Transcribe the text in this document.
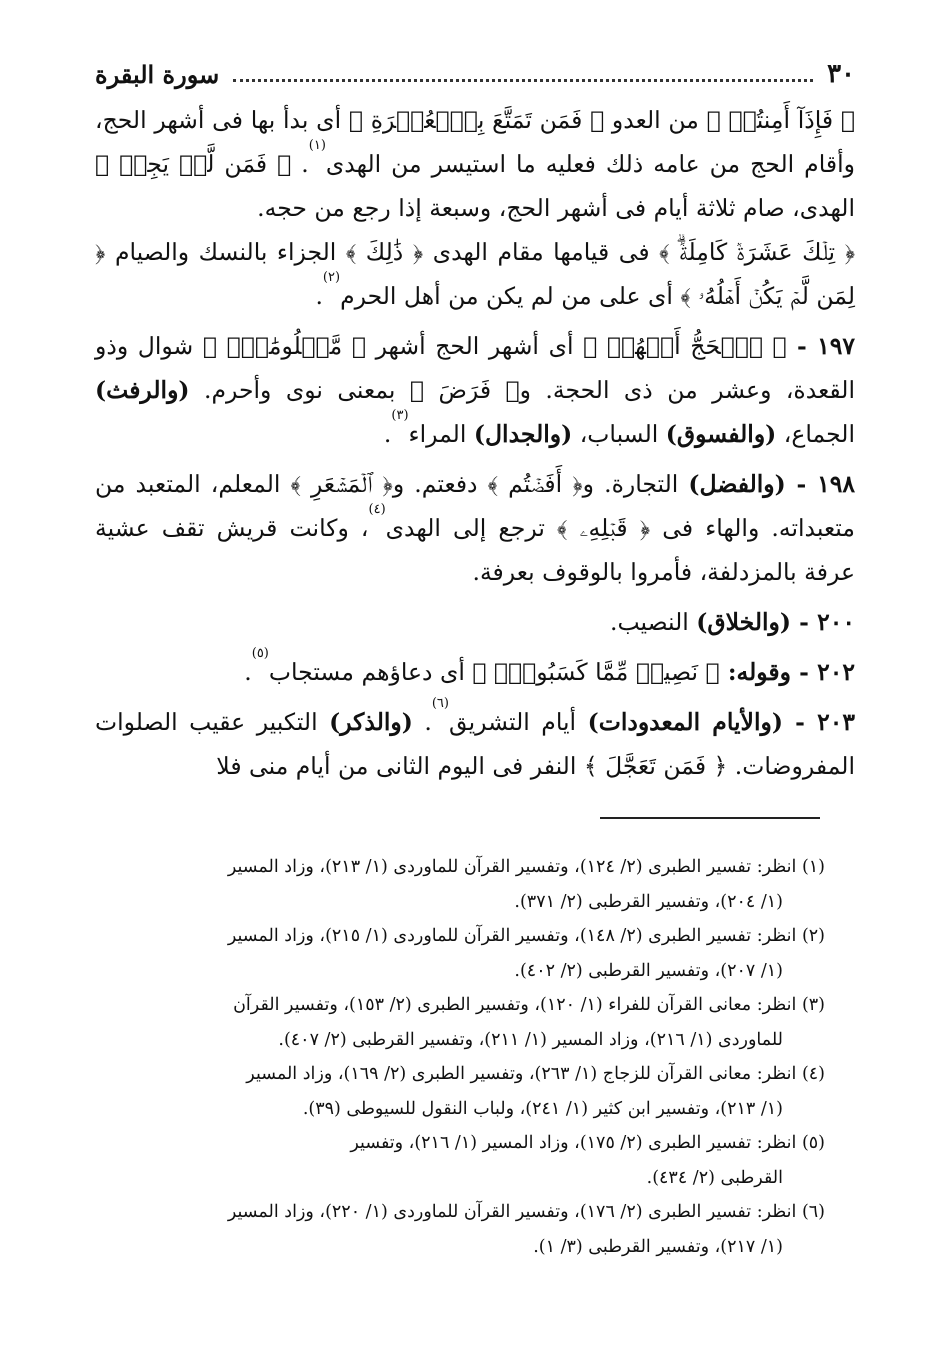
٣٠
سورة البقرة

﴿ فَإِذَآ أَمِنتُمۡ ﴾ من العدو ﴿ فَمَن تَمَتَّعَ بِٱلۡعُمۡرَةِ ﴾ أى بدأ بها فى أشهر الحج، وأقام الحج من عامه ذلك فعليه ما استيسر من الهدى$^{(١)}$. ﴿ فَمَن لَّمۡ يَجِدۡ ﴾ الهدى، صام ثلاثة أيام فى أشهر الحج، وسبعة إذا رجع من حجه.

﴿ تِلۡكَ عَشَرَةٞ كَامِلَةٞۗ ﴾ فى قيامها مقام الهدى ﴿ ذَٰلِكَ ﴾ الجزاء بالنسك والصيام ﴿ لِمَن لَّمۡ يَكُنۡ أَهۡلُهُۥ ﴾ أى على من لم يكن من أهل الحرم$^{(٢)}$.

١٩٧ - ﴿ ٱلۡحَجُّ أَشۡهُرٞ ﴾ أى أشهر الحج أشهر ﴿ مَّعۡلُومَٰتٞۚ ﴾ شوال وذو القعدة، وعشر من ذى الحجة. و﴿ فَرَضَ ﴾ بمعنى نوى وأحرم. (والرفث) الجماع، (والفسوق) السباب، (والجدال) المراء$^{(٣)}$.

١٩٨ - (والفضل) التجارة. و﴿ أَفَضۡتُم ﴾ دفعتم. و﴿ ٱلۡمَشۡعَرِ ﴾ المعلم، المتعبد من متعبداته. والهاء فى ﴿ قَبۡلِهِۦ ﴾ ترجع إلى الهدى$^{(٤)}$، وكانت قريش تقف عشية عرفة بالمزدلفة، فأمروا بالوقوف بعرفة.

٢٠٠ - (والخلاق) النصيب.

٢٠٢ - وقوله: ﴿ نَصِيبٞ مِّمَّا كَسَبُواْۚ ﴾ أى دعاؤهم مستجاب$^{(٥)}$.

٢٠٣ - (والأيام المعدودات) أيام التشريق$^{(٦)}$. (والذكر) التكبير عقيب الصلوات المفروضات. ﴿ فَمَن تَعَجَّلَ ﴾ النفر فى اليوم الثانى من أيام منى فلا

(١) انظر: تفسير الطبرى (٢/ ١٢٤)، وتفسير القرآن للماوردى (١/ ٢١٣)، وزاد المسير
(١/ ٢٠٤)، وتفسير القرطبى (٢/ ٣٧١).

(٢) انظر: تفسير الطبرى (٢/ ١٤٨)، وتفسير القرآن للماوردى (١/ ٢١٥)، وزاد المسير
(١/ ٢٠٧)، وتفسير القرطبى (٢/ ٤٠٢).

(٣) انظر: معانى القرآن للفراء (١/ ١٢٠)، وتفسير الطبرى (٢/ ١٥٣)، وتفسير القرآن
للماوردى (١/ ٢١٦)، وزاد المسير (١/ ٢١١)، وتفسير القرطبى (٢/ ٤٠٧).

(٤) انظر: معانى القرآن للزجاج (١/ ٢٦٣)، وتفسير الطبرى (٢/ ١٦٩)، وزاد المسير
(١/ ٢١٣)، وتفسير ابن كثير (١/ ٢٤١)، ولباب النقول للسيوطى (٣٩).

(٥) انظر: تفسير الطبرى (٢/ ١٧٥)، وزاد المسير (١/ ٢١٦)، وتفسير
القرطبى (٢/ ٤٣٤).

(٦) انظر: تفسير الطبرى (٢/ ١٧٦)، وتفسير القرآن للماوردى (١/ ٢٢٠)، وزاد المسير
(١/ ٢١٧)، وتفسير القرطبى (٣/ ١).
